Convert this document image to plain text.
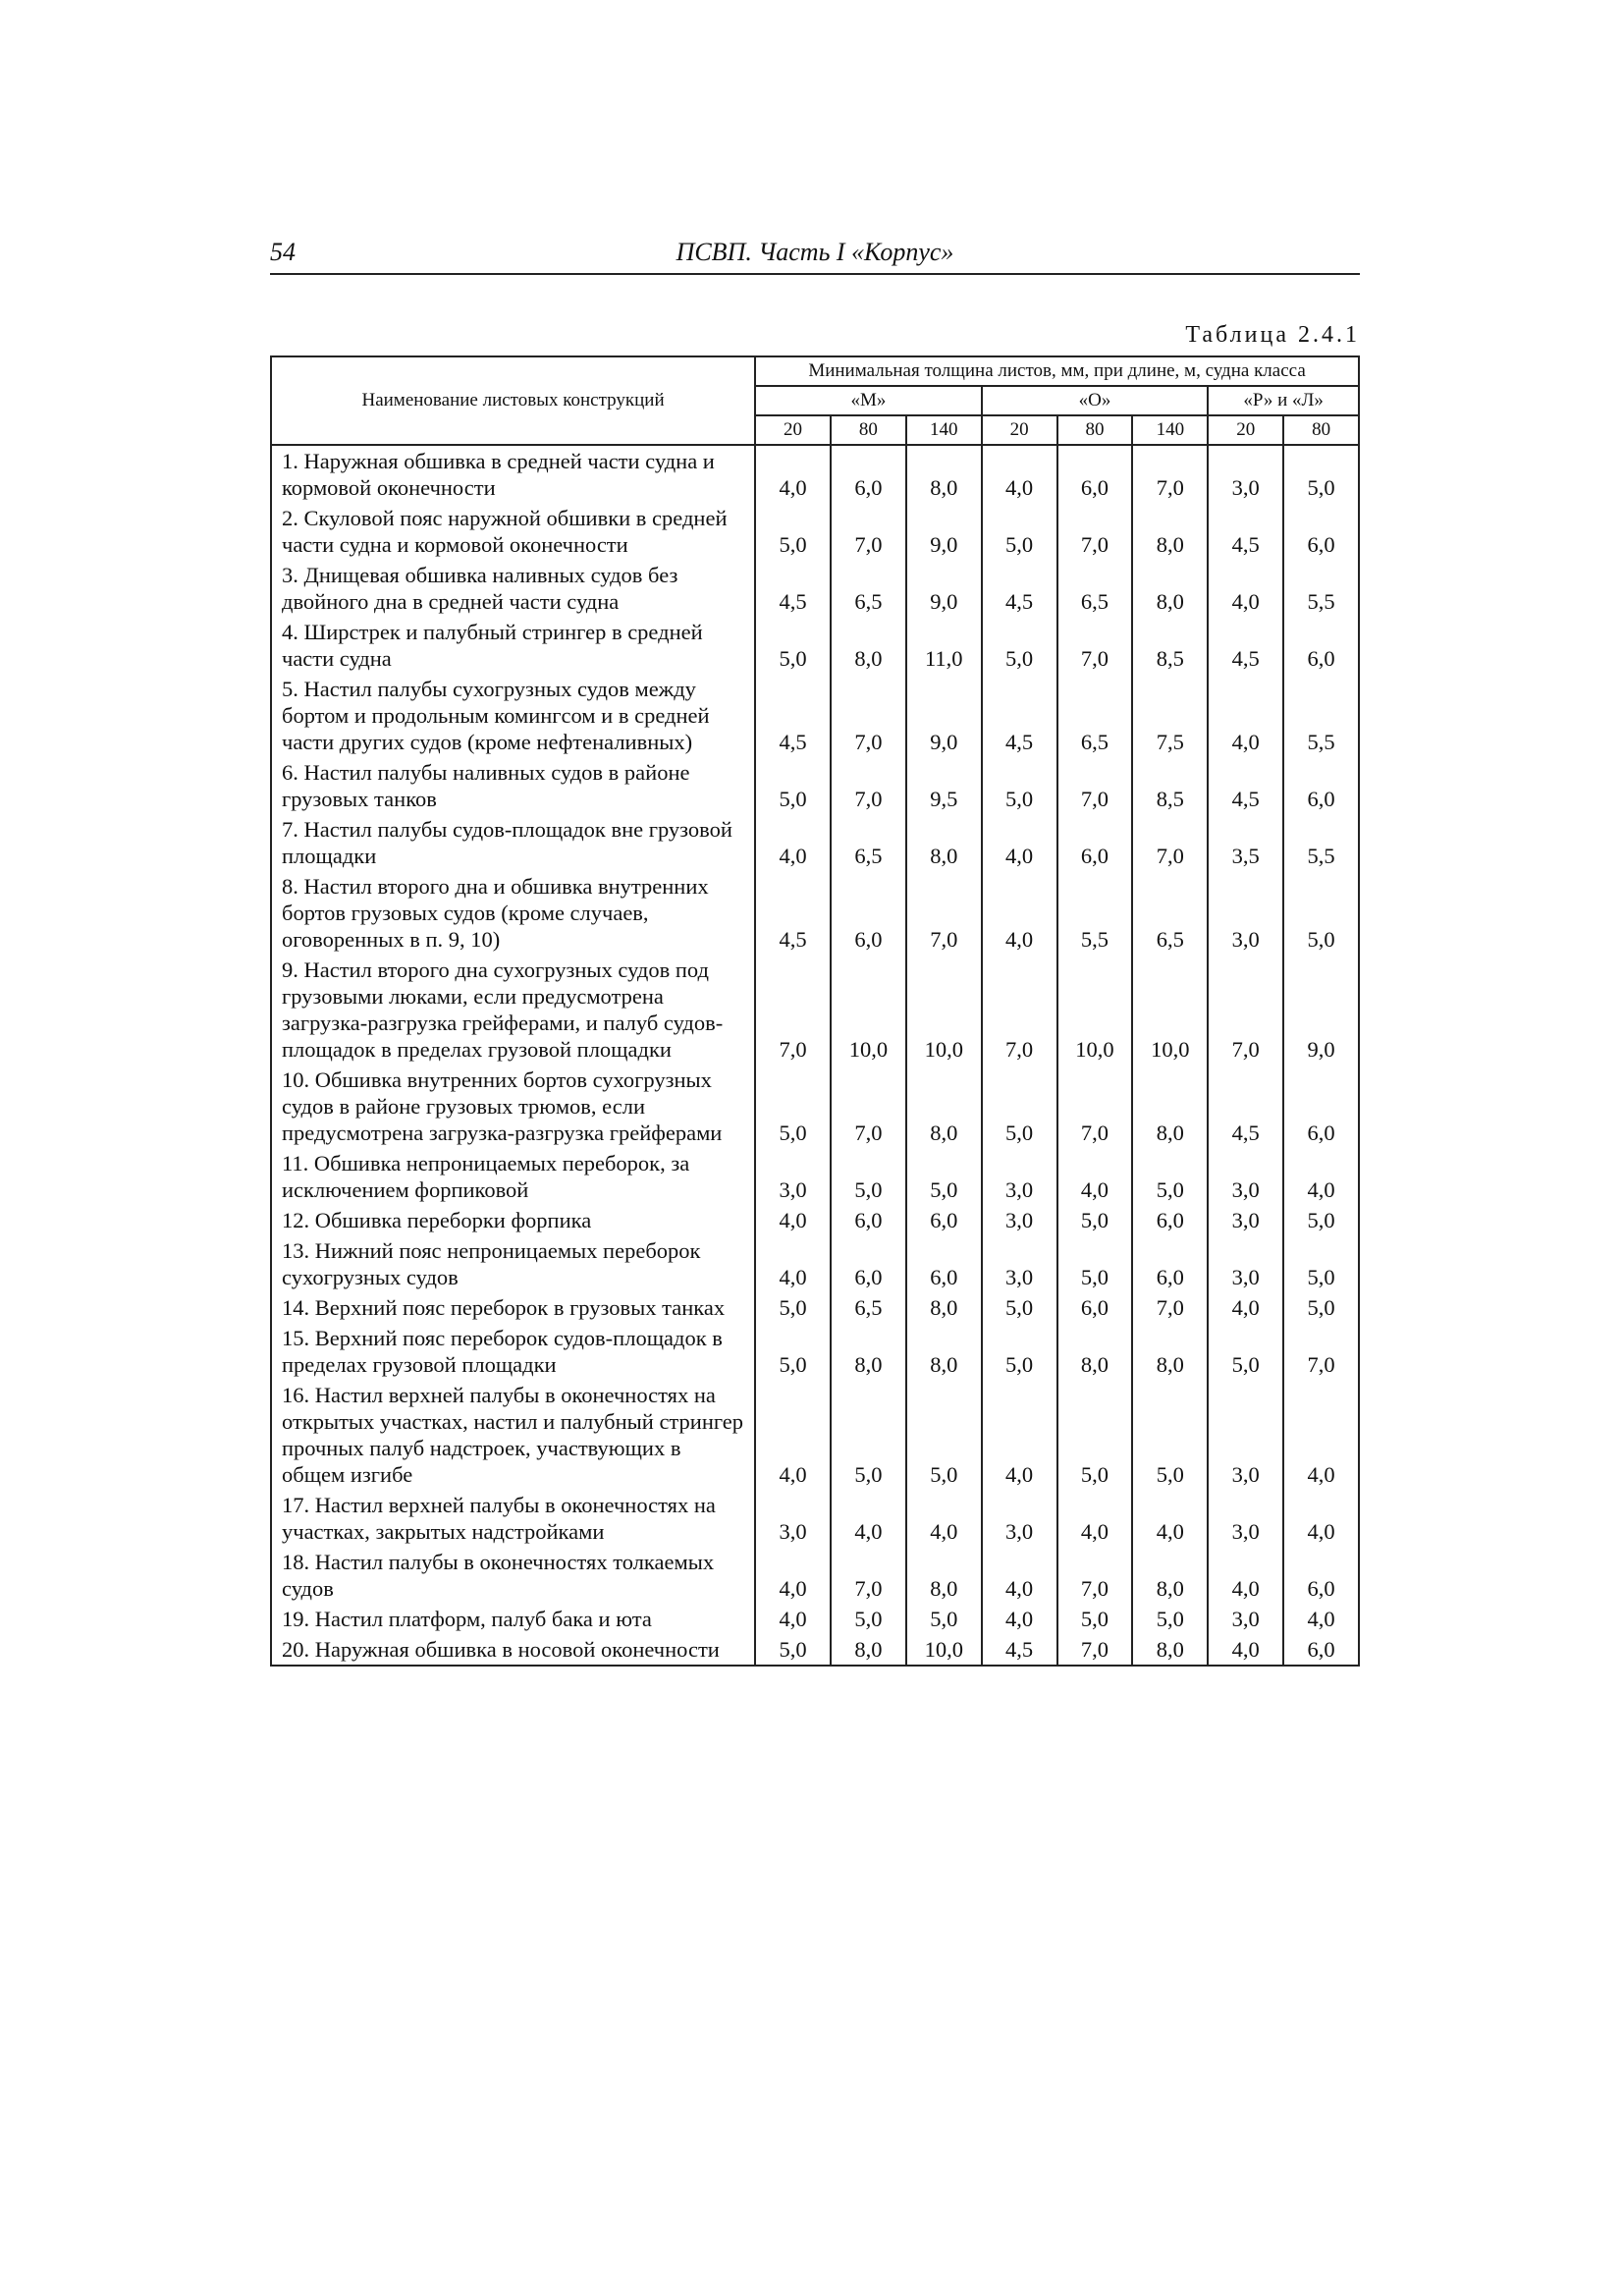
54	ПСВП. Часть I «Корпус»
Таблица 2.4.1
Наименование листовых конструкций	Минимальная толщина листов, мм, при длине, м, судна класса							
	«М»			«О»			«Р» и «Л»	
	20	80	140	20	80	140	20	80
1. Наружная обшивка в средней части судна и кормовой оконечности	4,0	6,0	8,0	4,0	6,0	7,0	3,0	5,0
2. Скуловой пояс наружной обшивки в средней части судна и кормовой оконечности	5,0	7,0	9,0	5,0	7,0	8,0	4,5	6,0
3. Днищевая обшивка наливных судов без двойного дна в средней части судна	4,5	6,5	9,0	4,5	6,5	8,0	4,0	5,5
4. Ширстрек и палубный стрингер в средней части судна	5,0	8,0	11,0	5,0	7,0	8,5	4,5	6,0
5. Настил палубы сухогрузных судов между бортом и продольным комингсом и в средней части других судов (кроме нефтеналивных)	4,5	7,0	9,0	4,5	6,5	7,5	4,0	5,5
6. Настил палубы наливных судов в районе грузовых танков	5,0	7,0	9,5	5,0	7,0	8,5	4,5	6,0
7. Настил палубы судов-площадок вне грузовой площадки	4,0	6,5	8,0	4,0	6,0	7,0	3,5	5,5
8. Настил второго дна и обшивка внутренних бортов грузовых судов (кроме случаев, оговоренных в п. 9, 10)	4,5	6,0	7,0	4,0	5,5	6,5	3,0	5,0
9. Настил второго дна сухогрузных судов под грузовыми люками, если предусмотрена загрузка-разгрузка грейферами, и палуб судов-площадок в пределах грузовой площадки	7,0	10,0	10,0	7,0	10,0	10,0	7,0	9,0
10. Обшивка внутренних бортов сухогрузных судов в районе грузовых трюмов, если предусмотрена загрузка-разгрузка грейферами	5,0	7,0	8,0	5,0	7,0	8,0	4,5	6,0
11. Обшивка непроницаемых переборок, за исключением форпиковой	3,0	5,0	5,0	3,0	4,0	5,0	3,0	4,0
12. Обшивка переборки форпика	4,0	6,0	6,0	3,0	5,0	6,0	3,0	5,0
13. Нижний пояс непроницаемых переборок сухогрузных судов	4,0	6,0	6,0	3,0	5,0	6,0	3,0	5,0
14. Верхний пояс переборок в грузовых танках	5,0	6,5	8,0	5,0	6,0	7,0	4,0	5,0
15. Верхний пояс переборок судов-площадок в пределах грузовой площадки	5,0	8,0	8,0	5,0	8,0	8,0	5,0	7,0
16. Настил верхней палубы в оконечностях на открытых участках, настил и палубный стрингер прочных палуб надстроек, участвующих в общем изгибе	4,0	5,0	5,0	4,0	5,0	5,0	3,0	4,0
17. Настил верхней палубы в оконечностях на участках, закрытых надстройками	3,0	4,0	4,0	3,0	4,0	4,0	3,0	4,0
18. Настил палубы в оконечностях толкаемых судов	4,0	7,0	8,0	4,0	7,0	8,0	4,0	6,0
19. Настил платформ, палуб бака и юта	4,0	5,0	5,0	4,0	5,0	5,0	3,0	4,0
20. Наружная обшивка в носовой оконечности	5,0	8,0	10,0	4,5	7,0	8,0	4,0	6,0
